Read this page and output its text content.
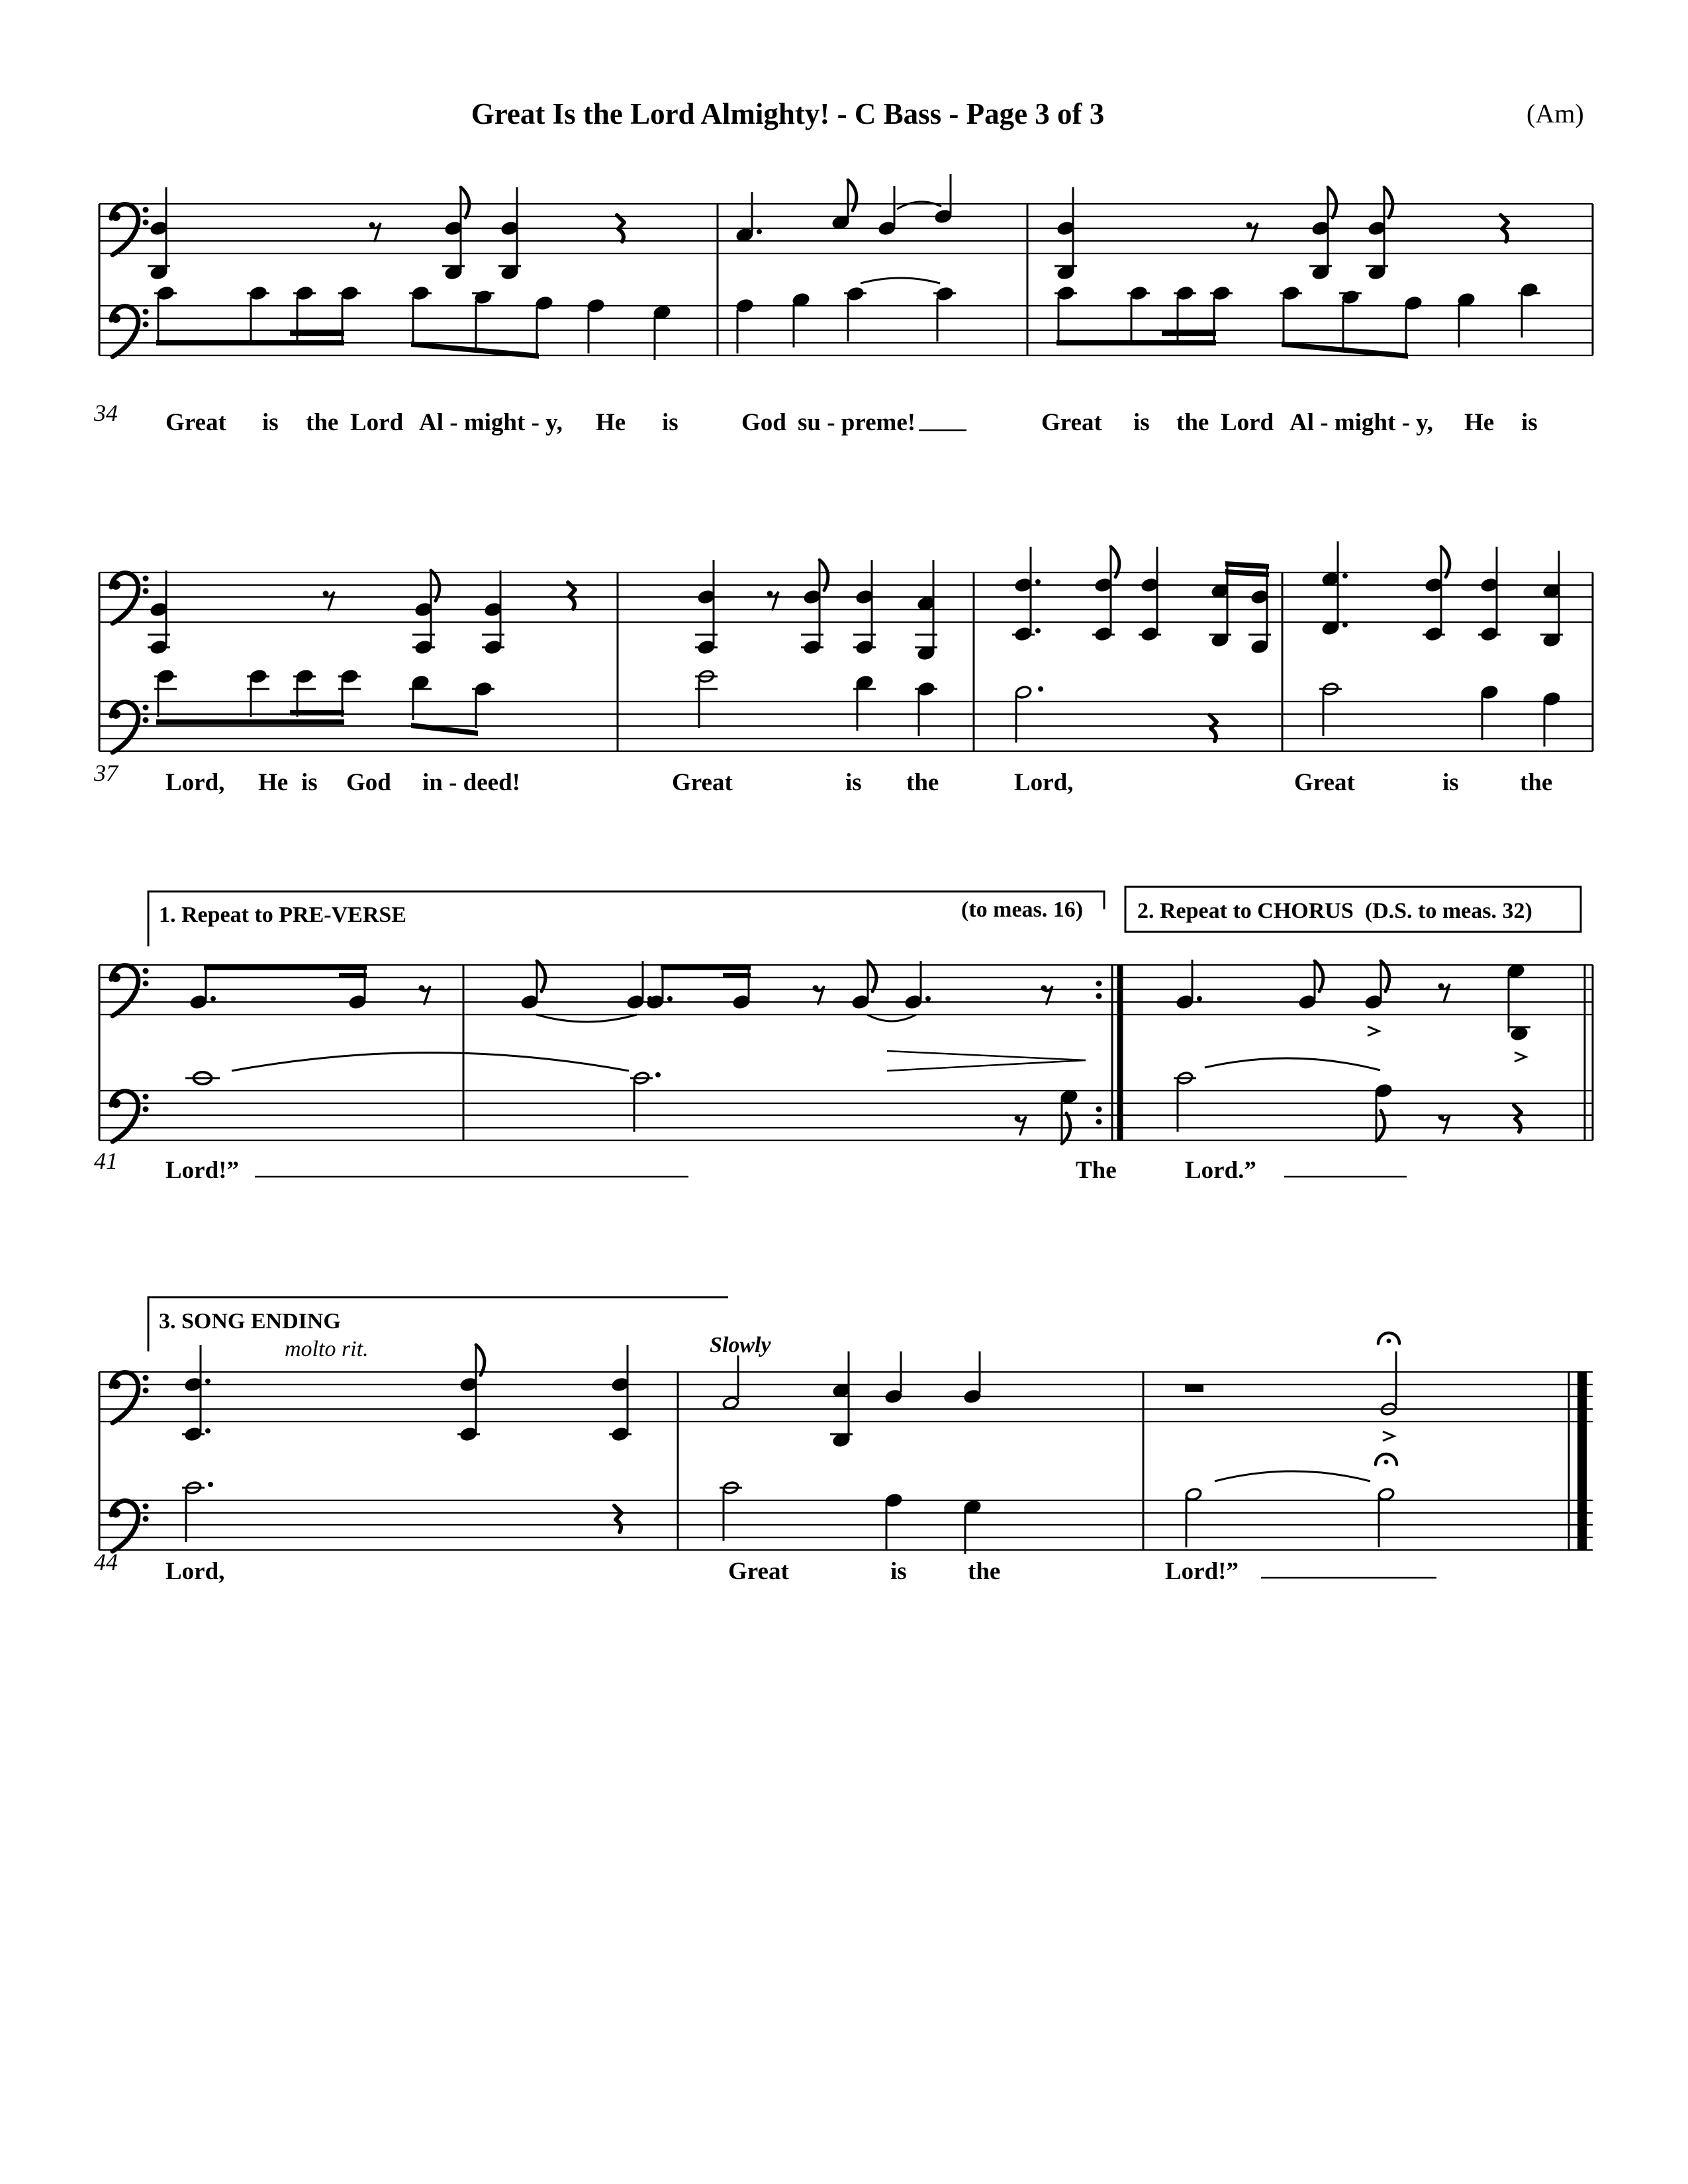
Great Is the Lord Almighty! - C Bass - Page 3 of 3	(Am)
1. Repeat to PRE-VERSE	(to meas. 16) 2. Repeat to CHORUS  (D.S. to meas. 32)
3. SONG ENDING
molto rit.	Slowly
34
37
41
44
Great is the Lord Al - might - y, He is	God su - preme!	Great is the Lord Al - might - y, He is
Lord, He is God in - deed!	Great	is the	Lord,	Great	is the
Lord!”	The	Lord.”
Lord,	Great	is the	Lord!”
